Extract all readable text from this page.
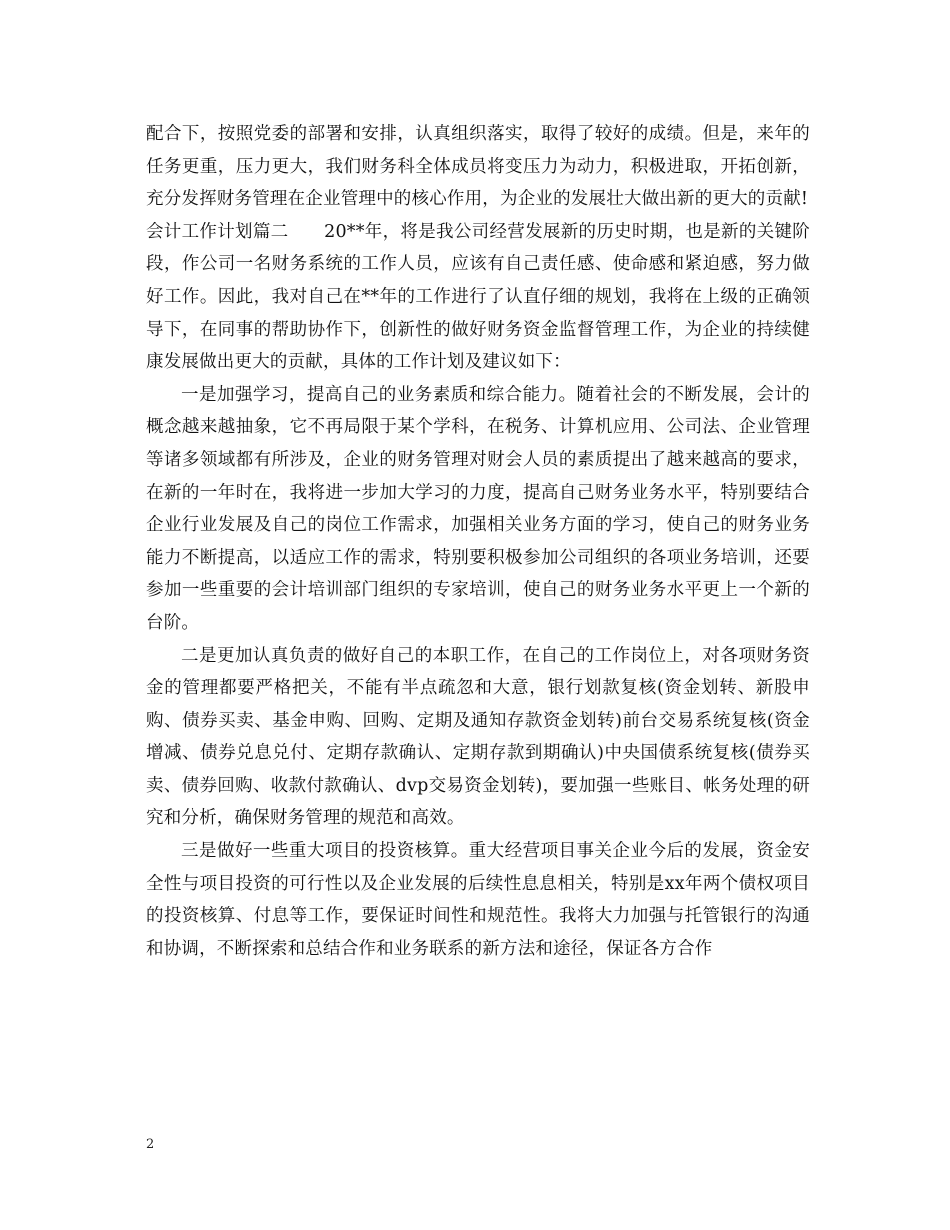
配合下，按照党委的部署和安排，认真组织落实，取得了较好的成绩。但是，来年的任务更重，压力更大，我们财务科全体成员将变压力为动力，积极进取，开拓创新，充分发挥财务管理在企业管理中的核心作用，为企业的发展壮大做出新的更大的贡献!

会计工作计划篇二　　20**年，将是我公司经营发展新的历史时期，也是新的关键阶段，作公司一名财务系统的工作人员，应该有自己责任感、使命感和紧迫感，努力做好工作。因此，我对自己在**年的工作进行了认直仔细的规划，我将在上级的正确领导下，在同事的帮助协作下，创新性的做好财务资金监督管理工作，为企业的持续健康发展做出更大的贡献，具体的工作计划及建议如下：

一是加强学习，提高自己的业务素质和综合能力。随着社会的不断发展，会计的概念越来越抽象，它不再局限于某个学科，在税务、计算机应用、公司法、企业管理等诸多领域都有所涉及，企业的财务管理对财会人员的素质提出了越来越高的要求，在新的一年时在，我将进一步加大学习的力度，提高自己财务业务水平，特别要结合企业行业发展及自己的岗位工作需求，加强相关业务方面的学习，使自己的财务业务能力不断提高，以适应工作的需求，特别要积极参加公司组织的各项业务培训，还要参加一些重要的会计培训部门组织的专家培训，使自己的财务业务水平更上一个新的台阶。

二是更加认真负责的做好自己的本职工作，在自己的工作岗位上，对各项财务资金的管理都要严格把关，不能有半点疏忽和大意，银行划款复核(资金划转、新股申购、债券买卖、基金申购、回购、定期及通知存款资金划转)前台交易系统复核(资金增减、债券兑息兑付、定期存款确认、定期存款到期确认)中央国债系统复核(债券买卖、债券回购、收款付款确认、dvp交易资金划转)，要加强一些账目、帐务处理的研究和分析，确保财务管理的规范和高效。

三是做好一些重大项目的投资核算。重大经营项目事关企业今后的发展，资金安全性与项目投资的可行性以及企业发展的后续性息息相关，特别是xx年两个债权项目的投资核算、付息等工作，要保证时间性和规范性。我将大力加强与托管银行的沟通和协调，不断探索和总结合作和业务联系的新方法和途径，保证各方合作

2
